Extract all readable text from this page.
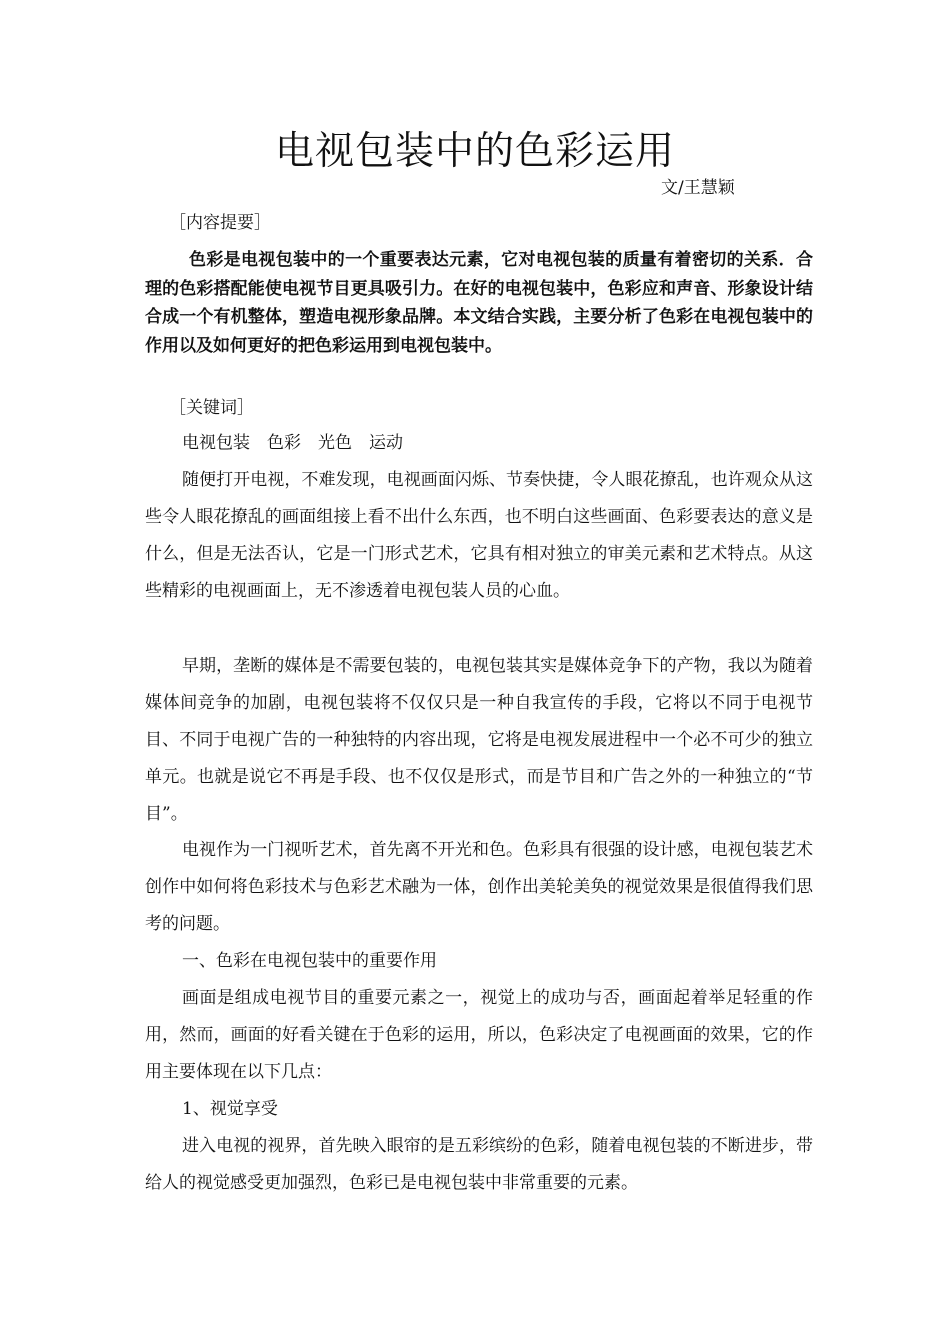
电视包装中的色彩运用
文/王慧颖
［内容提要］

色彩是电视包装中的一个重要表达元素，它对电视包装的质量有着密切的关系．合理的色彩搭配能使电视节目更具吸引力。在好的电视包装中，色彩应和声音、形象设计结合成一个有机整体，塑造电视形象品牌。本文结合实践，主要分析了色彩在电视包装中的作用以及如何更好的把色彩运用到电视包装中。

［关键词］
电视包装　色彩　光色　运动

随便打开电视，不难发现，电视画面闪烁、节奏快捷，令人眼花撩乱，也许观众从这些令人眼花撩乱的画面组接上看不出什么东西，也不明白这些画面、色彩要表达的意义是什么，但是无法否认，它是一门形式艺术，它具有相对独立的审美元素和艺术特点。从这些精彩的电视画面上，无不渗透着电视包装人员的心血。

早期，垄断的媒体是不需要包装的，电视包装其实是媒体竞争下的产物，我以为随着媒体间竞争的加剧，电视包装将不仅仅只是一种自我宣传的手段，它将以不同于电视节目、不同于电视广告的一种独特的内容出现，它将是电视发展进程中一个必不可少的独立单元。也就是说它不再是手段、也不仅仅是形式，而是节目和广告之外的一种独立的“节目”。

电视作为一门视听艺术，首先离不开光和色。色彩具有很强的设计感，电视包装艺术创作中如何将色彩技术与色彩艺术融为一体，创作出美轮美奂的视觉效果是很值得我们思考的问题。

一、色彩在电视包装中的重要作用

画面是组成电视节目的重要元素之一，视觉上的成功与否，画面起着举足轻重的作用，然而，画面的好看关键在于色彩的运用，所以，色彩决定了电视画面的效果，它的作用主要体现在以下几点：

1、视觉享受

进入电视的视界，首先映入眼帘的是五彩缤纷的色彩，随着电视包装的不断进步，带给人的视觉感受更加强烈，色彩已是电视包装中非常重要的元素。
